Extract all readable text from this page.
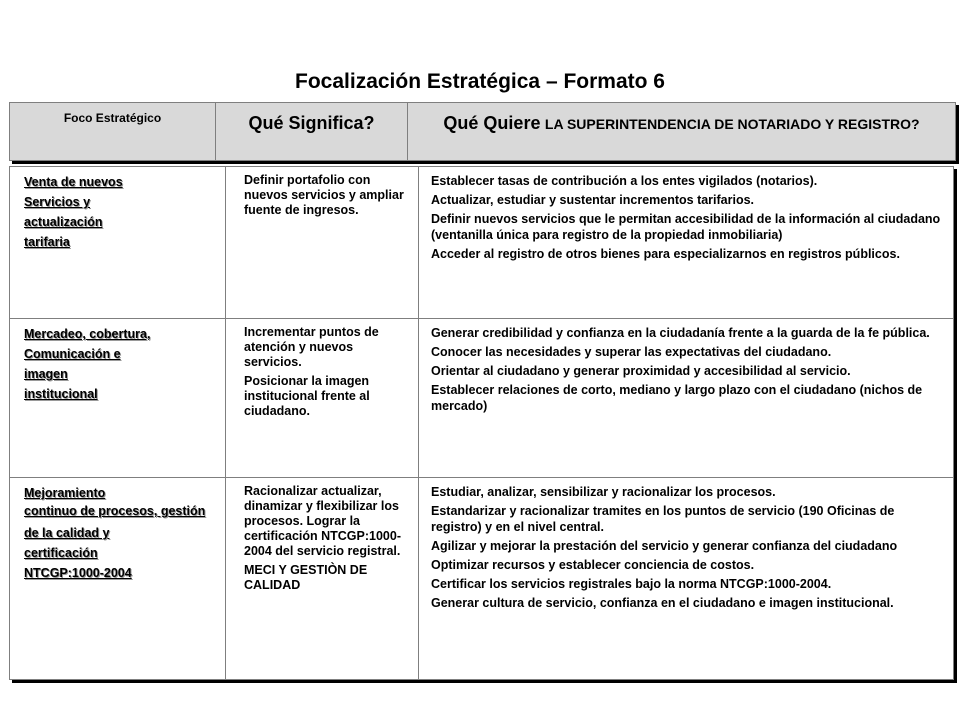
Focalización Estratégica – Formato 6
Foco Estratégico	Qué Significa?	Qué Quiere LA SUPERINTENDENCIA DE NOTARIADO Y REGISTRO?
Venta de nuevos
Servicios y
actualización
tarifaria
Definir portafolio con nuevos servicios y ampliar fuente de ingresos.
Establecer tasas de contribución a los entes vigilados (notarios).
Actualizar, estudiar y sustentar incrementos tarifarios.
Definir nuevos servicios que le permitan accesibilidad de la información al ciudadano (ventanilla única para registro de la propiedad inmobiliaria)
Acceder al registro de otros bienes para especializarnos en registros públicos.
Mercadeo, cobertura,
Comunicación e
imagen
institucional
Incrementar puntos de atención y nuevos servicios.
Posicionar la imagen institucional frente al ciudadano.
Generar credibilidad y confianza en la ciudadanía frente a la guarda de la fe pública.
Conocer las necesidades y superar las expectativas del ciudadano.
Orientar al ciudadano y generar proximidad y accesibilidad al servicio.
Establecer relaciones de corto, mediano y largo plazo con el ciudadano (nichos de mercado)
Mejoramiento
continuo de procesos, gestión
de la calidad y
certificación
NTCGP:1000-2004
Racionalizar actualizar, dinamizar y flexibilizar los procesos. Lograr la certificación NTCGP:1000-2004 del servicio registral.
MECI Y GESTIÒN DE CALIDAD
Estudiar, analizar, sensibilizar y racionalizar los procesos.
Estandarizar y racionalizar tramites en los puntos de servicio (190 Oficinas de registro) y en el nivel central.
Agilizar y mejorar la prestación del servicio y generar confianza del ciudadano
Optimizar recursos y establecer conciencia de costos.
Certificar los servicios registrales bajo la norma NTCGP:1000-2004.
Generar cultura de servicio, confianza en el ciudadano e imagen institucional.
